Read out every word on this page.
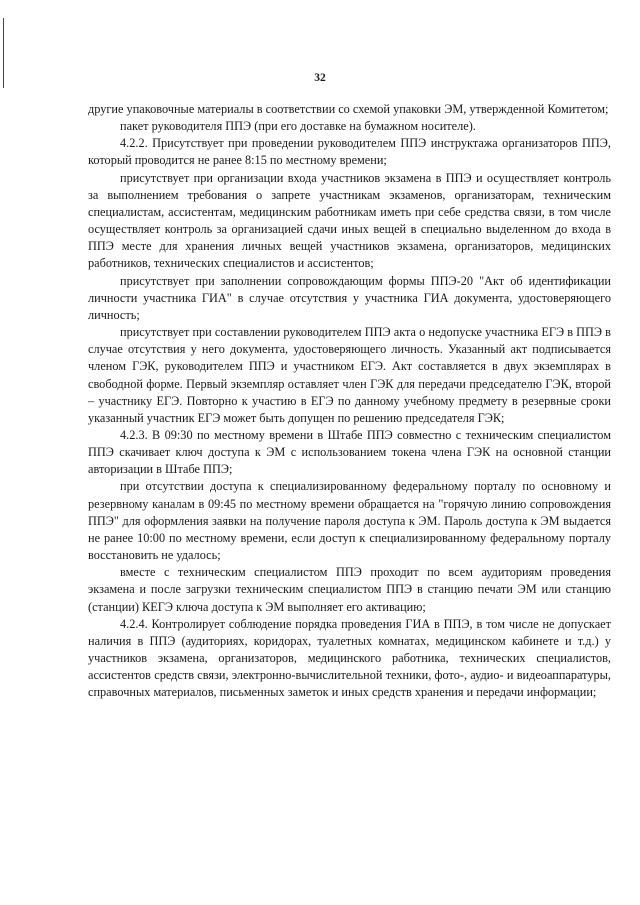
32

другие упаковочные материалы в соответствии со схемой упаковки ЭМ, утвержденной Комитетом;

пакет руководителя ППЭ (при его доставке на бумажном носителе).

4.2.2. Присутствует при проведении руководителем ППЭ инструктажа организаторов ППЭ, который проводится не ранее 8:15 по местному времени;

присутствует при организации входа участников экзамена в ППЭ и осуществляет контроль за выполнением требования о запрете участникам экзаменов, организаторам, техническим специалистам, ассистентам, медицинским работникам иметь при себе средства связи, в том числе осуществляет контроль за организацией сдачи иных вещей в специально выделенном до входа в ППЭ месте для хранения личных вещей участников экзамена, организаторов, медицинских работников, технических специалистов и ассистентов;

присутствует при заполнении сопровождающим формы ППЭ-20 "Акт об идентификации личности участника ГИА" в случае отсутствия у участника ГИА документа, удостоверяющего личность;

присутствует при составлении руководителем ППЭ акта о недопуске участника ЕГЭ в ППЭ в случае отсутствия у него документа, удостоверяющего личность. Указанный акт подписывается членом ГЭК, руководителем ППЭ и участником ЕГЭ. Акт составляется в двух экземплярах в свободной форме. Первый экземпляр оставляет член ГЭК для передачи председателю ГЭК, второй – участнику ЕГЭ. Повторно к участию в ЕГЭ по данному учебному предмету в резервные сроки указанный участник ЕГЭ может быть допущен по решению председателя ГЭК;

4.2.3. В 09:30 по местному времени в Штабе ППЭ совместно с техническим специалистом ППЭ скачивает ключ доступа к ЭМ с использованием токена члена ГЭК на основной станции авторизации в Штабе ППЭ;

при отсутствии доступа к специализированному федеральному порталу по основному и резервному каналам в 09:45 по местному времени обращается на "горячую линию сопровождения ППЭ" для оформления заявки на получение пароля доступа к ЭМ. Пароль доступа к ЭМ выдается не ранее 10:00 по местному времени, если доступ к специализированному федеральному порталу восстановить не удалось;

вместе с техническим специалистом ППЭ проходит по всем аудиториям проведения экзамена и после загрузки техническим специалистом ППЭ в станцию печати ЭМ или станцию (станции) КЕГЭ ключа доступа к ЭМ выполняет его активацию;

4.2.4. Контролирует соблюдение порядка проведения ГИА в ППЭ, в том числе не допускает наличия в ППЭ (аудиториях, коридорах, туалетных комнатах, медицинском кабинете и т.д.) у участников экзамена, организаторов, медицинского работника, технических специалистов, ассистентов средств связи, электронно-вычислительной техники, фото-, аудио- и видеоаппаратуры, справочных материалов, письменных заметок и иных средств хранения и передачи информации;
